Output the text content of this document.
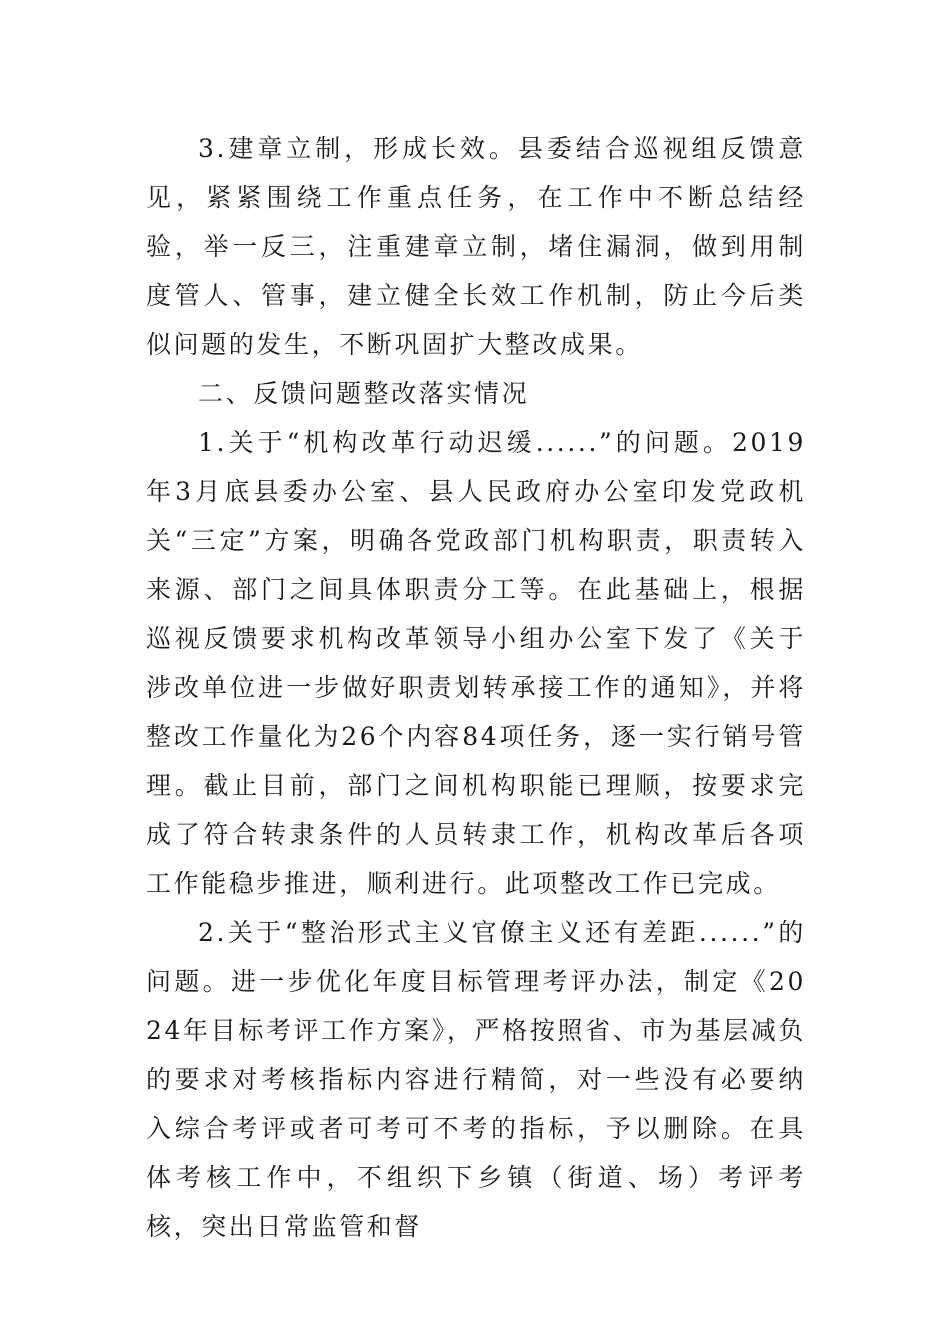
3.建章立制，形成长效。县委结合巡视组反馈意见，紧紧围绕工作重点任务，在工作中不断总结经验，举一反三，注重建章立制，堵住漏洞，做到用制度管人、管事，建立健全长效工作机制，防止今后类似问题的发生，不断巩固扩大整改成果。

二、反馈问题整改落实情况

1.关于“机构改革行动迟缓......”的问题。2019年3月底县委办公室、县人民政府办公室印发党政机关“三定”方案，明确各党政部门机构职责，职责转入来源、部门之间具体职责分工等。在此基础上，根据巡视反馈要求机构改革领导小组办公室下发了《关于涉改单位进一步做好职责划转承接工作的通知》，并将整改工作量化为26个内容84项任务，逐一实行销号管理。截止目前，部门之间机构职能已理顺，按要求完成了符合转隶条件的人员转隶工作，机构改革后各项工作能稳步推进，顺利进行。此项整改工作已完成。

2.关于“整治形式主义官僚主义还有差距......”的问题。进一步优化年度目标管理考评办法，制定《2024年目标考评工作方案》，严格按照省、市为基层减负的要求对考核指标内容进行精简，对一些没有必要纳入综合考评或者可考可不考的指标，予以删除。在具体考核工作中，不组织下乡镇（街道、场）考评考核，突出日常监管和督
